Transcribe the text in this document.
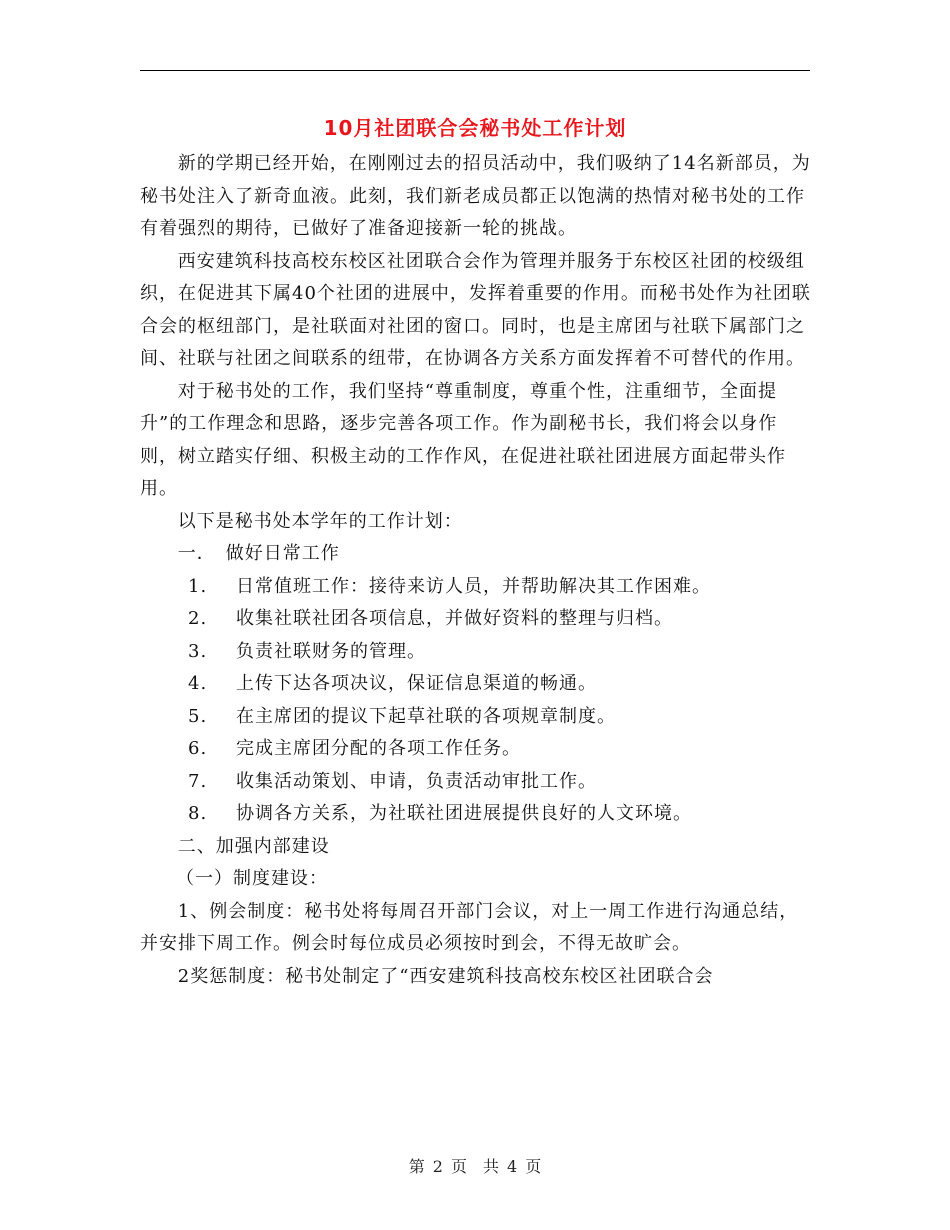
10月社团联合会秘书处工作计划

新的学期已经开始，在刚刚过去的招员活动中，我们吸纳了14名新部员，为秘书处注入了新奇血液。此刻，我们新老成员都正以饱满的热情对秘书处的工作有着强烈的期待，已做好了准备迎接新一轮的挑战。

西安建筑科技高校东校区社团联合会作为管理并服务于东校区社团的校级组织，在促进其下属40个社团的进展中，发挥着重要的作用。而秘书处作为社团联合会的枢纽部门，是社联面对社团的窗口。同时，也是主席团与社联下属部门之间、社联与社团之间联系的纽带，在协调各方关系方面发挥着不可替代的作用。

对于秘书处的工作，我们坚持“尊重制度，尊重个性，注重细节，全面提升”的工作理念和思路，逐步完善各项工作。作为副秘书长，我们将会以身作则，树立踏实仔细、积极主动的工作作风，在促进社联社团进展方面起带头作用。

以下是秘书处本学年的工作计划：

一．　做好日常工作

1. 日常值班工作：接待来访人员，并帮助解决其工作困难。

2. 收集社联社团各项信息，并做好资料的整理与归档。

3. 负责社联财务的管理。

4. 上传下达各项决议，保证信息渠道的畅通。

5. 在主席团的提议下起草社联的各项规章制度。

6. 完成主席团分配的各项工作任务。

7. 收集活动策划、申请，负责活动审批工作。

8. 协调各方关系，为社联社团进展提供良好的人文环境。

二、加强内部建设

（一）制度建设：

1、例会制度：秘书处将每周召开部门会议，对上一周工作进行沟通总结，并安排下周工作。例会时每位成员必须按时到会，不得无故旷会。

2奖惩制度：秘书处制定了“西安建筑科技高校东校区社团联合会

第 2 页　共 4 页
